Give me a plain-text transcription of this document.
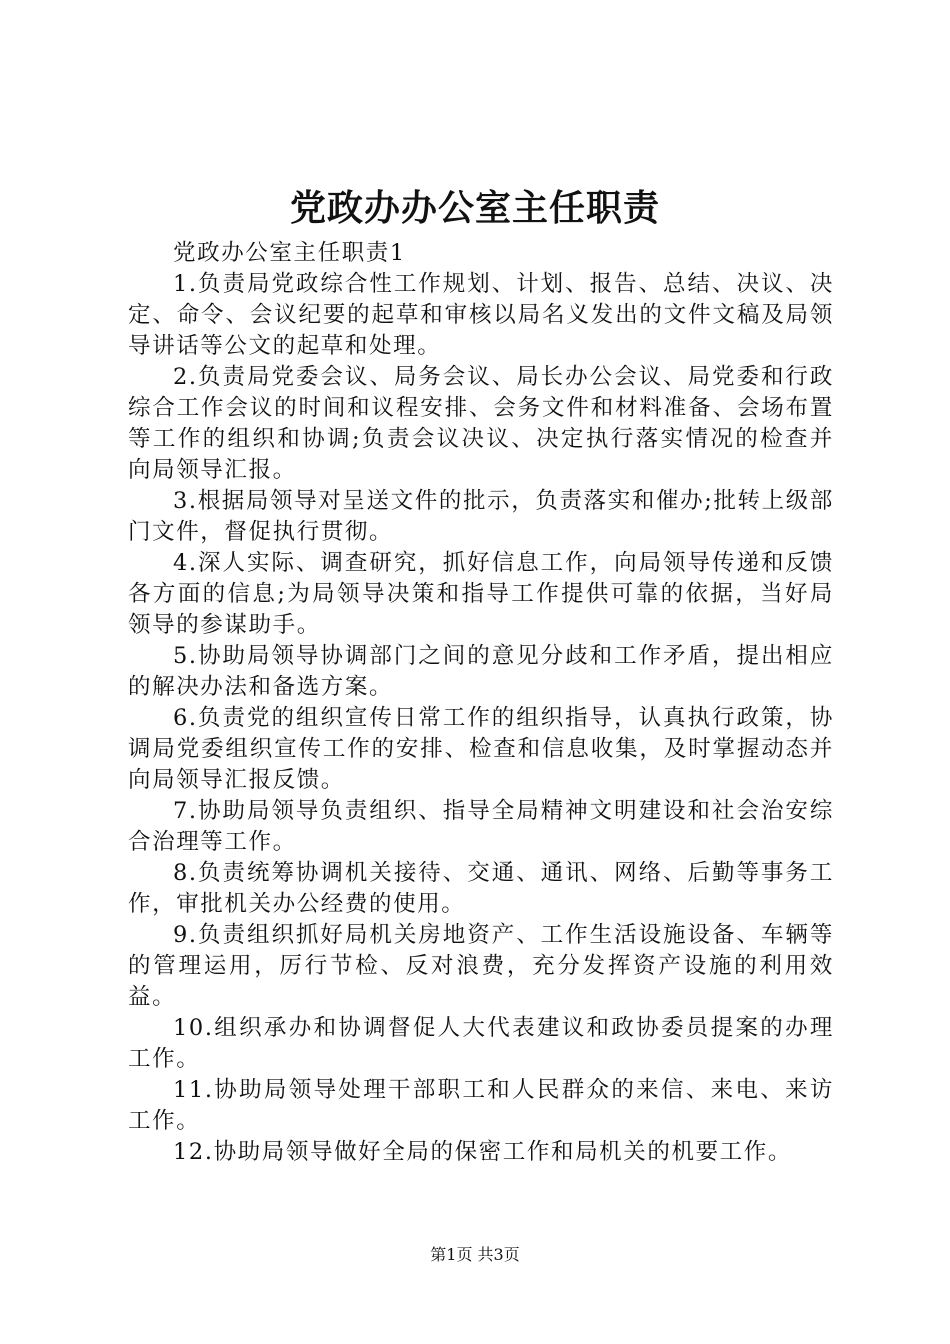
党政办办公室主任职责

党政办公室主任职责1

1.负责局党政综合性工作规划、计划、报告、总结、决议、决定、命令、会议纪要的起草和审核以局名义发出的文件文稿及局领导讲话等公文的起草和处理。

2.负责局党委会议、局务会议、局长办公会议、局党委和行政综合工作会议的时间和议程安排、会务文件和材料准备、会场布置等工作的组织和协调;负责会议决议、决定执行落实情况的检查并向局领导汇报。

3.根据局领导对呈送文件的批示，负责落实和催办;批转上级部门文件，督促执行贯彻。

4.深人实际、调查研究，抓好信息工作，向局领导传递和反馈各方面的信息;为局领导决策和指导工作提供可靠的依据，当好局领导的参谋助手。

5.协助局领导协调部门之间的意见分歧和工作矛盾，提出相应的解决办法和备选方案。

6.负责党的组织宣传日常工作的组织指导，认真执行政策，协调局党委组织宣传工作的安排、检查和信息收集，及时掌握动态并向局领导汇报反馈。

7.协助局领导负责组织、指导全局精神文明建设和社会治安综合治理等工作。

8.负责统筹协调机关接待、交通、通讯、网络、后勤等事务工作，审批机关办公经费的使用。

9.负责组织抓好局机关房地资产、工作生活设施设备、车辆等的管理运用，厉行节检、反对浪费，充分发挥资产设施的利用效益。

10.组织承办和协调督促人大代表建议和政协委员提案的办理工作。

11.协助局领导处理干部职工和人民群众的来信、来电、来访工作。

12.协助局领导做好全局的保密工作和局机关的机要工作。

第1页 共3页
